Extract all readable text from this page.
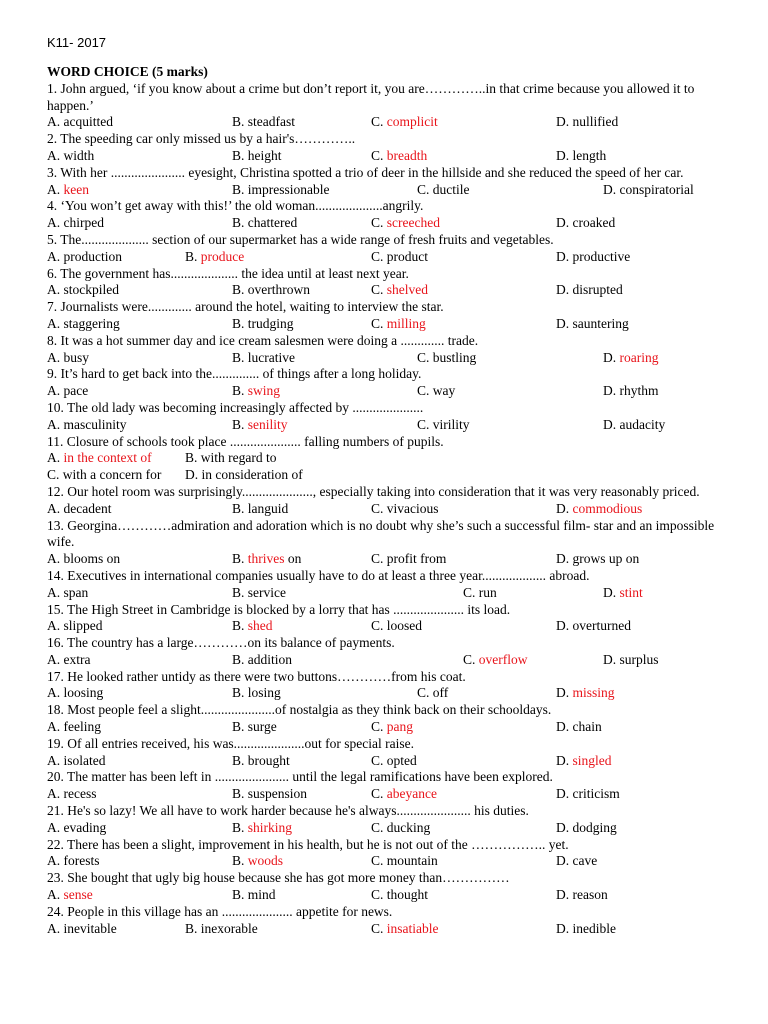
K11- 2017
WORD CHOICE (5 marks)
1. John argued, ‘if you know about a crime but don’t report it, you are…………..in that crime because you allowed it to happen.’
A. acquitted	B. steadfast	C. complicit	D. nullified
2. The speeding car only missed us by a hair's…………..
A. width	B. height	C. breadth	D. length
3. With her ...................... eyesight, Christina spotted a trio of deer in the hillside and she reduced the speed of her car.
A. keen	B. impressionable	C. ductile	D. conspiratorial
4. ‘You won’t get away with this!’ the old woman....................angrily.
A. chirped	B. chattered	C. screeched	D. croaked
5. The.................... section of our supermarket has a wide range of fresh fruits and vegetables.
A. production	B. produce	C. product	D. productive
6. The government has.................... the idea until at least next year.
A. stockpiled	B. overthrown	C. shelved	D. disrupted
7. Journalists were............. around the hotel, waiting to interview the star.
A. staggering	B. trudging	C. milling	D. sauntering
8. It was a hot summer day and ice cream salesmen were doing a ............. trade.
A. busy	B. lucrative	C. bustling	D. roaring
9. It’s hard to get back into the.............. of things after a long holiday.
A. pace	B. swing	C. way	D. rhythm
10. The old lady was becoming increasingly affected by .....................
A. masculinity	B. senility	C. virility	D. audacity
11. Closure of schools took place ..................... falling numbers of pupils.
A. in the context of B. with regard to
C. with a concern for D. in consideration of
12. Our hotel room was surprisingly....................., especially taking into consideration that it was very reasonably priced.
A. decadent	B. languid	C. vivacious	D. commodious
13. Georgina…………admiration and adoration which is no doubt why she’s such a successful film- star and an impossible wife.
A. blooms on	B. thrives on	C. profit from	D. grows up on
14. Executives in international companies usually have to do at least a three year................... abroad.
A. span	B. service	C. run	D. stint
15. The High Street in Cambridge is blocked by a lorry that has ..................... its load.
A. slipped	B. shed	C. loosed	D. overturned
16. The country has a large…………on its balance of payments.
A. extra	B. addition	C. overflow	D. surplus
17. He looked rather untidy as there were two buttons…………from his coat.
A. loosing	B. losing	C. off	D. missing
18. Most people feel a slight......................of nostalgia as they think back on their schooldays.
A. feeling	B. surge	C. pang	D. chain
19. Of all entries received, his was.....................out for special raise.
A. isolated	B. brought	C. opted	D. singled
20. The matter has been left in ...................... until the legal ramifications have been explored.
A. recess	B. suspension	C. abeyance	D. criticism
21. He's so lazy! We all have to work harder because he's always...................... his duties.
A. evading	B. shirking	C. ducking	D. dodging
22. There has been a slight, improvement in his health, but he is not out of the …………….. yet.
A. forests	B. woods	C. mountain	D. cave
23. She bought that ugly big house because she has got more money than……………
A. sense	B. mind	C. thought	D. reason
24. People in this village has an ..................... appetite for news.
A. inevitable	B. inexorable	C. insatiable	D. inedible
